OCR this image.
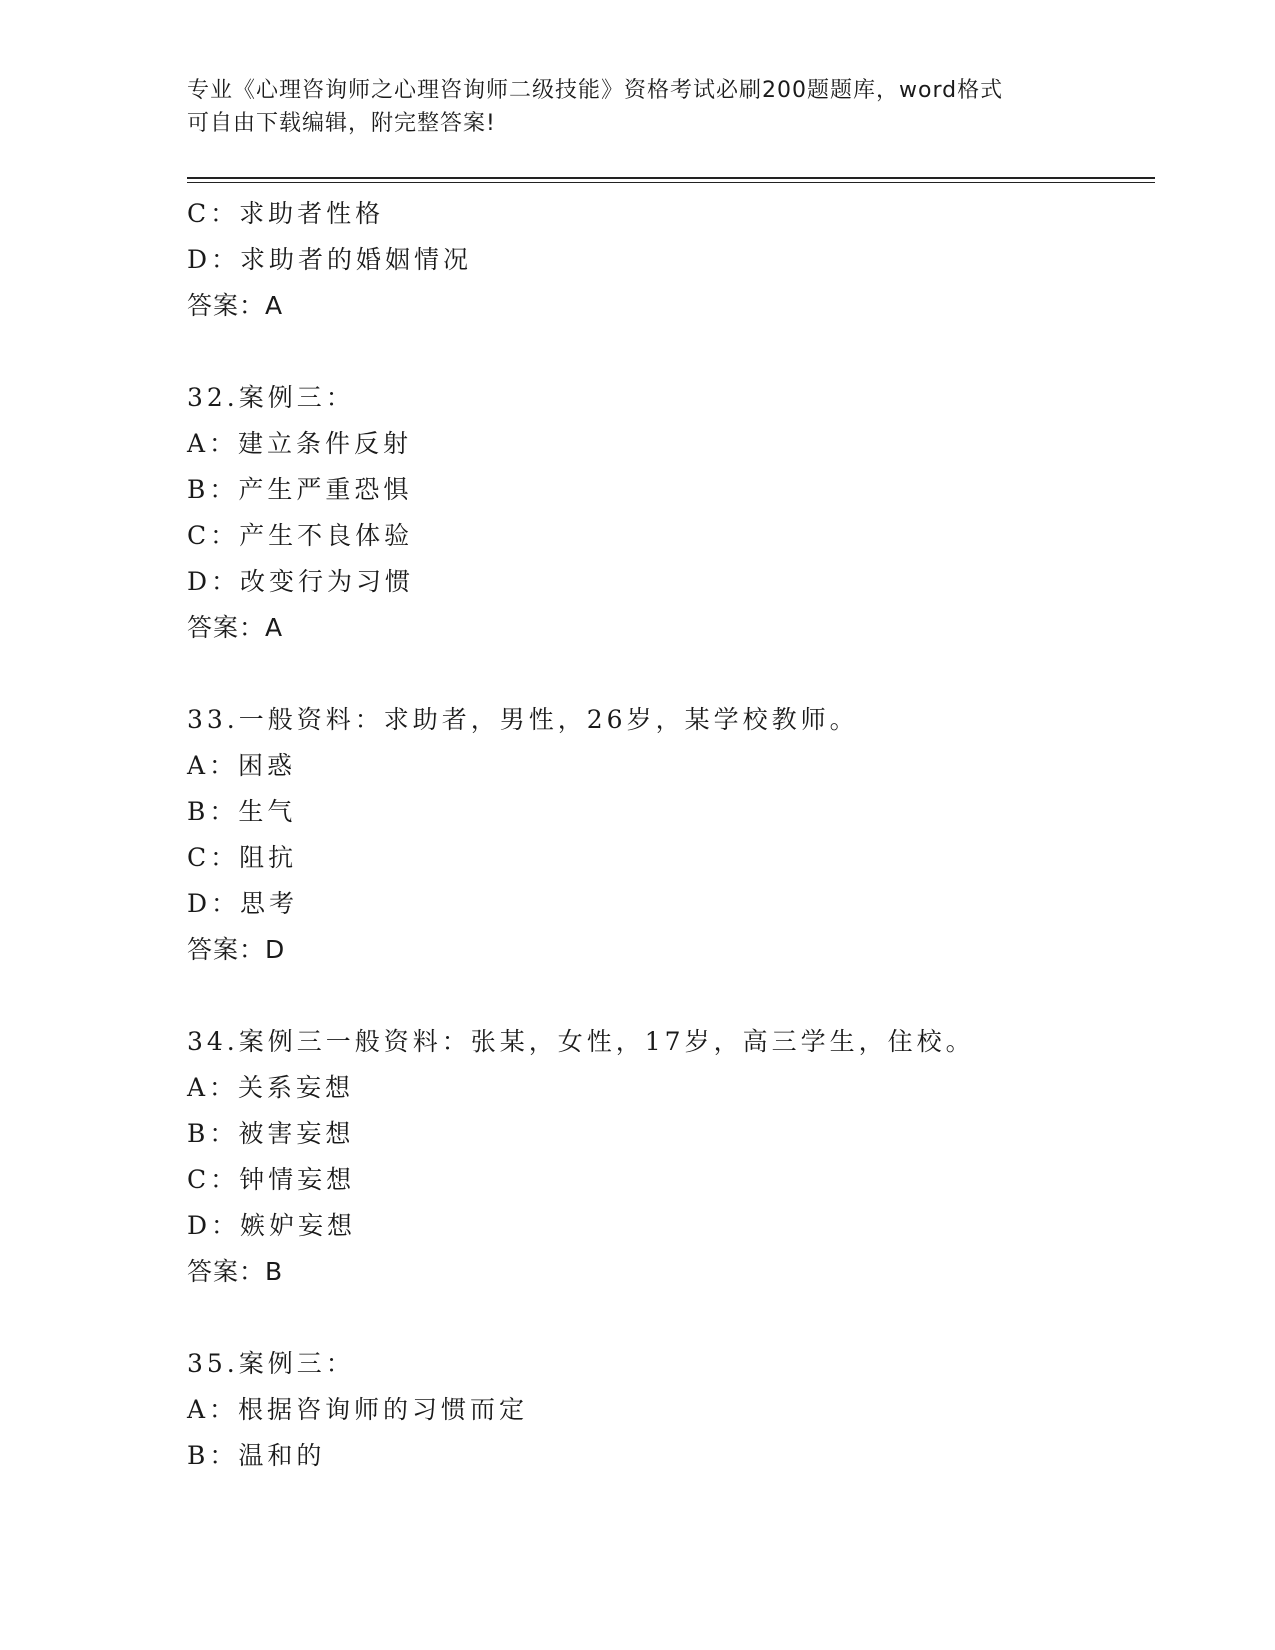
专业《心理咨询师之心理咨询师二级技能》资格考试必刷200题题库，word格式
可自由下载编辑，附完整答案!
C：求助者性格
D：求助者的婚姻情况
答案：A
32.案例三：
A：建立条件反射
B：产生严重恐惧
C：产生不良体验
D：改变行为习惯
答案：A
33.一般资料：求助者，男性，26岁，某学校教师。
A：困惑
B：生气
C：阻抗
D：思考
答案：D
34.案例三一般资料：张某，女性，17岁，高三学生，住校。
A：关系妄想
B：被害妄想
C：钟情妄想
D：嫉妒妄想
答案：B
35.案例三：
A：根据咨询师的习惯而定
B：温和的
